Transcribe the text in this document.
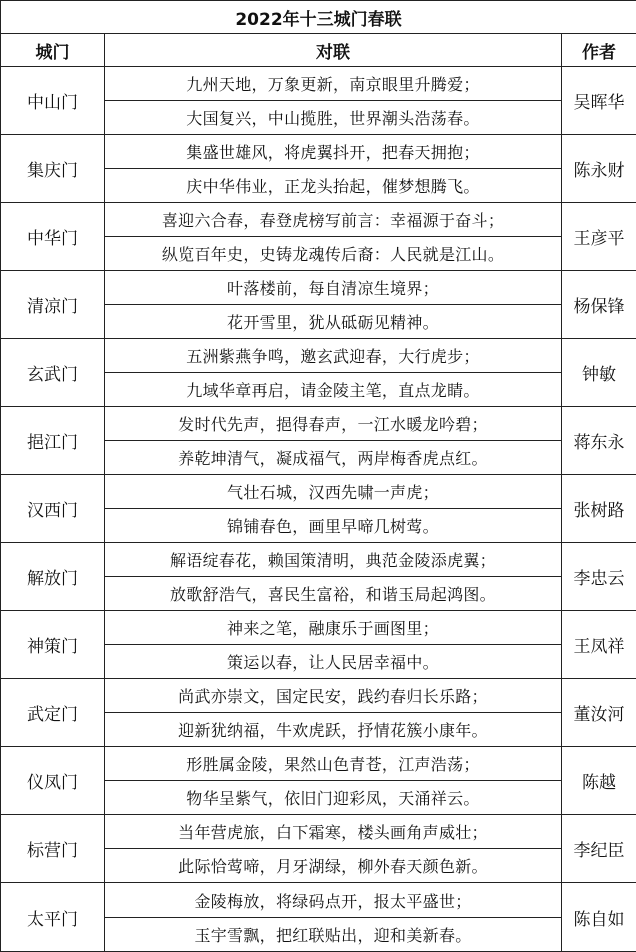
2022年十三城门春联		
城门	对联	作者
中山门	九州天地，万象更新，南京眼里升腾爱；	吴晖华
	大国复兴，中山揽胜，世界潮头浩荡春。	
集庆门	集盛世雄风，将虎翼抖开，把春天拥抱；	陈永财
	庆中华伟业，正龙头抬起，催梦想腾飞。	
中华门	喜迎六合春，春登虎榜写前言：幸福源于奋斗；	王彦平
	纵览百年史，史铸龙魂传后裔：人民就是江山。	
清凉门	叶落楼前，每自清凉生境界；	杨保锋
	花开雪里，犹从砥砺见精神。	
玄武门	五洲紫燕争鸣，邀玄武迎春，大行虎步；	钟敏
	九域华章再启，请金陵主笔，直点龙睛。	
挹江门	发时代先声，挹得春声，一江水暖龙吟碧；	蒋东永
	养乾坤清气，凝成福气，两岸梅香虎点红。	
汉西门	气壮石城，汉西先啸一声虎；	张树路
	锦铺春色，画里早啼几树莺。	
解放门	解语绽春花，赖国策清明，典范金陵添虎翼；	李忠云
	放歌舒浩气，喜民生富裕，和谐玉局起鸿图。	
神策门	神来之笔，融康乐于画图里；	王凤祥
	策运以春，让人民居幸福中。	
武定门	尚武亦崇文，国定民安，践约春归长乐路；	董汝河
	迎新犹纳福，牛欢虎跃，抒情花簇小康年。	
仪凤门	形胜属金陵，果然山色青苍，江声浩荡；	陈越
	物华呈紫气，依旧门迎彩凤，天涌祥云。	
标营门	当年营虎旅，白下霜寒，楼头画角声威壮；	李纪臣
	此际恰莺啼，月牙湖绿，柳外春天颜色新。	
太平门	金陵梅放，将绿码点开，报太平盛世；	陈自如
	玉宇雪飘，把红联贴出，迎和美新春。	
